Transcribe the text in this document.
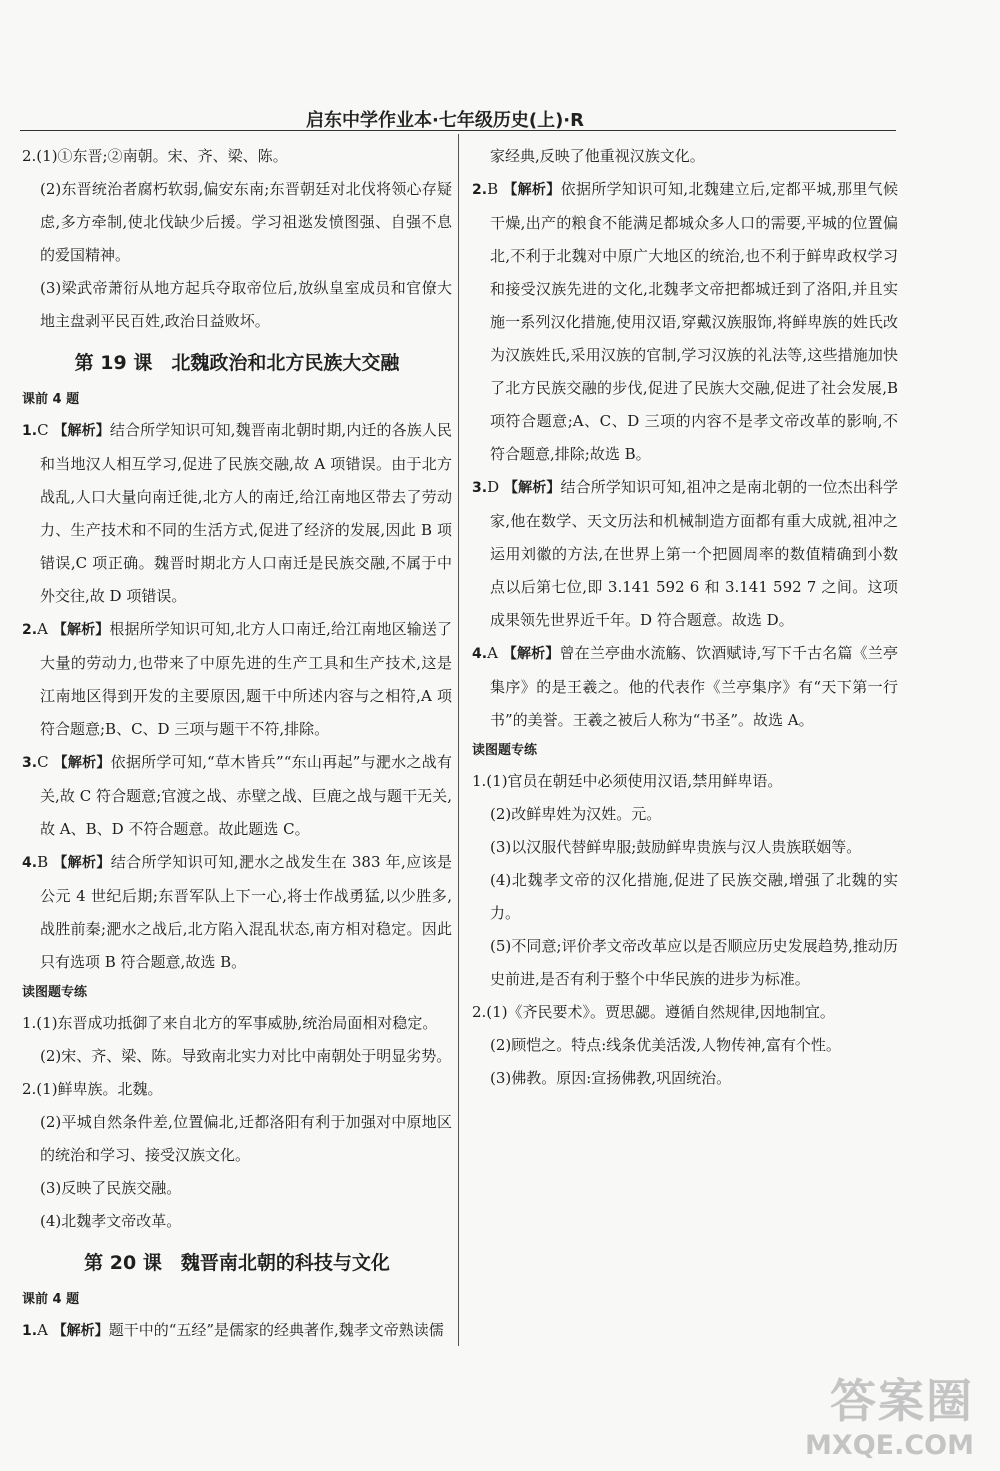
启东中学作业本·七年级历史(上)·R

2.(1)①东晋;②南朝。宋、齐、梁、陈。

(2)东晋统治者腐朽软弱,偏安东南;东晋朝廷对北伐将领心存疑虑,多方牵制,使北伐缺少后援。学习祖逖发愤图强、自强不息的爱国精神。

(3)梁武帝萧衍从地方起兵夺取帝位后,放纵皇室成员和官僚大地主盘剥平民百姓,政治日益败坏。

第 19 课　北魏政治和北方民族大交融
课前 4 题

1.C 【解析】结合所学知识可知,魏晋南北朝时期,内迁的各族人民和当地汉人相互学习,促进了民族交融,故 A 项错误。由于北方战乱,人口大量向南迁徙,北方人的南迁,给江南地区带去了劳动力、生产技术和不同的生活方式,促进了经济的发展,因此 B 项错误,C 项正确。魏晋时期北方人口南迁是民族交融,不属于中外交往,故 D 项错误。

2.A 【解析】根据所学知识可知,北方人口南迁,给江南地区输送了大量的劳动力,也带来了中原先进的生产工具和生产技术,这是江南地区得到开发的主要原因,题干中所述内容与之相符,A 项符合题意;B、C、D 三项与题干不符,排除。

3.C 【解析】依据所学可知,“草木皆兵”“东山再起”与淝水之战有关,故 C 符合题意;官渡之战、赤壁之战、巨鹿之战与题干无关,故 A、B、D 不符合题意。故此题选 C。

4.B 【解析】结合所学知识可知,淝水之战发生在 383 年,应该是公元 4 世纪后期;东晋军队上下一心,将士作战勇猛,以少胜多,战胜前秦;淝水之战后,北方陷入混乱状态,南方相对稳定。因此只有选项 B 符合题意,故选 B。

读图题专练

1.(1)东晋成功抵御了来自北方的军事威胁,统治局面相对稳定。

(2)宋、齐、梁、陈。导致南北实力对比中南朝处于明显劣势。

2.(1)鲜卑族。北魏。

(2)平城自然条件差,位置偏北,迁都洛阳有利于加强对中原地区的统治和学习、接受汉族文化。

(3)反映了民族交融。

(4)北魏孝文帝改革。

第 20 课　魏晋南北朝的科技与文化
课前 4 题

1.A 【解析】题干中的“五经”是儒家的经典著作,魏孝文帝熟读儒

家经典,反映了他重视汉族文化。

2.B 【解析】依据所学知识可知,北魏建立后,定都平城,那里气候干燥,出产的粮食不能满足都城众多人口的需要,平城的位置偏北,不利于北魏对中原广大地区的统治,也不利于鲜卑政权学习和接受汉族先进的文化,北魏孝文帝把都城迁到了洛阳,并且实施一系列汉化措施,使用汉语,穿戴汉族服饰,将鲜卑族的姓氏改为汉族姓氏,采用汉族的官制,学习汉族的礼法等,这些措施加快了北方民族交融的步伐,促进了民族大交融,促进了社会发展,B 项符合题意;A、C、D 三项的内容不是孝文帝改革的影响,不符合题意,排除;故选 B。

3.D 【解析】结合所学知识可知,祖冲之是南北朝的一位杰出科学家,他在数学、天文历法和机械制造方面都有重大成就,祖冲之运用刘徽的方法,在世界上第一个把圆周率的数值精确到小数点以后第七位,即 3.141 592 6 和 3.141 592 7 之间。这项成果领先世界近千年。D 符合题意。故选 D。

4.A 【解析】曾在兰亭曲水流觞、饮酒赋诗,写下千古名篇《兰亭集序》的是王羲之。他的代表作《兰亭集序》有“天下第一行书”的美誉。王羲之被后人称为“书圣”。故选 A。

读图题专练

1.(1)官员在朝廷中必须使用汉语,禁用鲜卑语。

(2)改鲜卑姓为汉姓。元。

(3)以汉服代替鲜卑服;鼓励鲜卑贵族与汉人贵族联姻等。

(4)北魏孝文帝的汉化措施,促进了民族交融,增强了北魏的实力。

(5)不同意;评价孝文帝改革应以是否顺应历史发展趋势,推动历史前进,是否有利于整个中华民族的进步为标准。

2.(1)《齐民要术》。贾思勰。遵循自然规律,因地制宜。

(2)顾恺之。特点:线条优美活泼,人物传神,富有个性。

(3)佛教。原因:宣扬佛教,巩固统治。

答案圈
MXQE.COM
